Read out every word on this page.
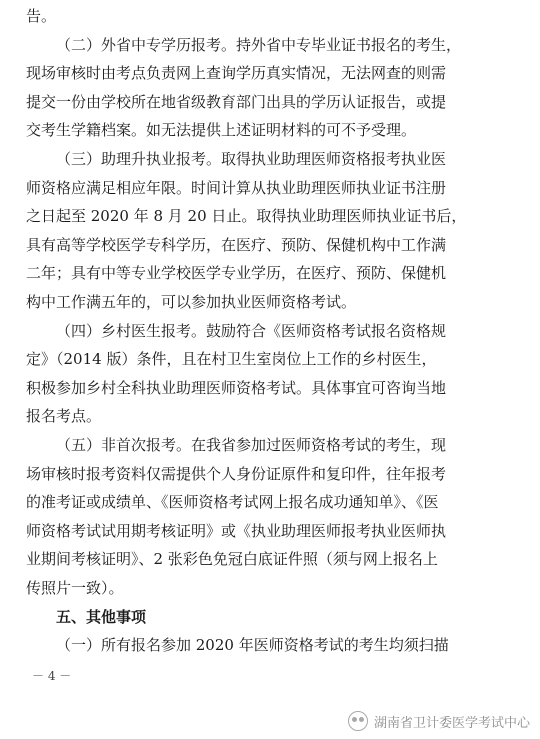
告。
（二）外省中专学历报考。持外省中专毕业证书报名的考生，
现场审核时由考点负责网上查询学历真实情况，无法网查的则需
提交一份由学校所在地省级教育部门出具的学历认证报告，或提
交考生学籍档案。如无法提供上述证明材料的可不予受理。
（三）助理升执业报考。取得执业助理医师资格报考执业医
师资格应满足相应年限。时间计算从执业助理医师执业证书注册
之日起至 2020 年 8 月 20 日止。取得执业助理医师执业证书后，
具有高等学校医学专科学历，在医疗、预防、保健机构中工作满
二年；具有中等专业学校医学专业学历，在医疗、预防、保健机
构中工作满五年的，可以参加执业医师资格考试。
（四）乡村医生报考。鼓励符合《医师资格考试报名资格规
定》（2014 版）条件，且在村卫生室岗位上工作的乡村医生，
积极参加乡村全科执业助理医师资格考试。具体事宜可咨询当地
报名考点。
（五）非首次报考。在我省参加过医师资格考试的考生，现
场审核时报考资料仅需提供个人身份证原件和复印件，往年报考
的准考证或成绩单、《医师资格考试网上报名成功通知单》、《医
师资格考试试用期考核证明》或《执业助理医师报考执业医师执
业期间考核证明》、2 张彩色免冠白底证件照（须与网上报名上
传照片一致）。
五、其他事项
（一）所有报名参加 2020 年医师资格考试的考生均须扫描
－ 4 －
湖南省卫计委医学考试中心
